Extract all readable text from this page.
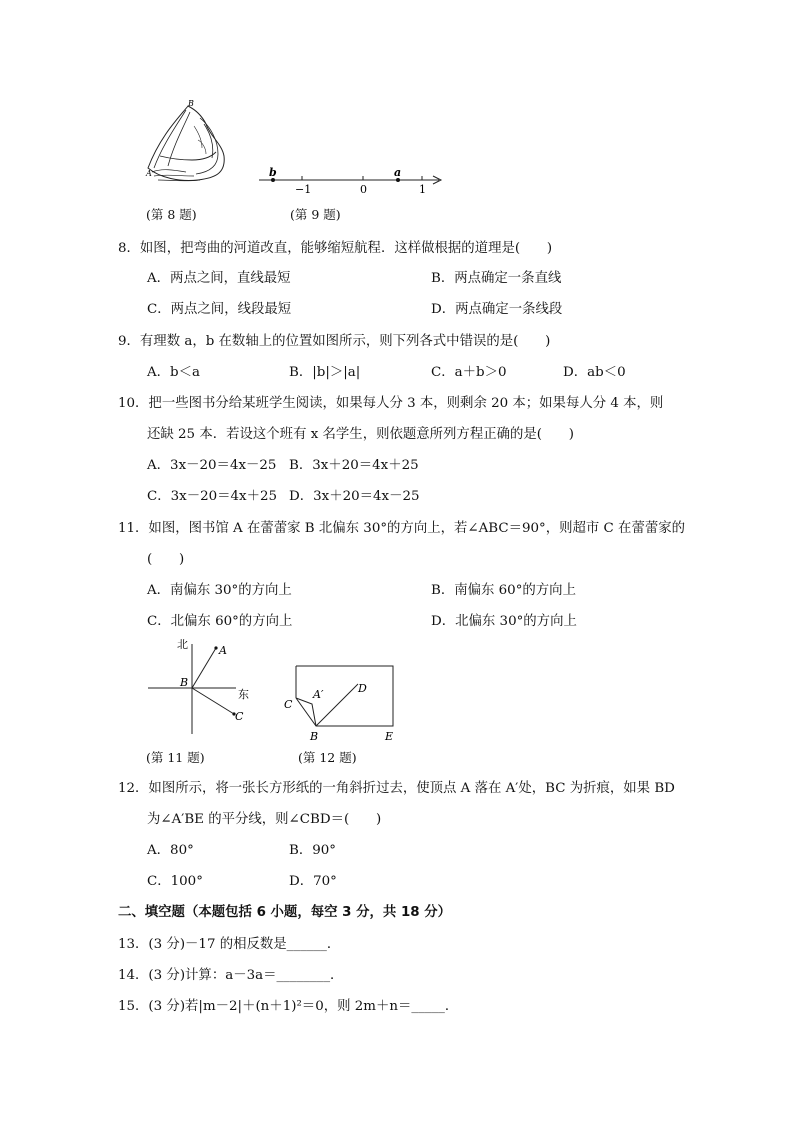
B
A
(第 8 题)
b	a
−1	0	1
(第 9 题)
8．如图，把弯曲的河道改直，能够缩短航程．这样做根据的道理是(　　)
A．两点之间，直线最短	B．两点确定一条直线
C．两点之间，线段最短	D．两点确定一条线段
9．有理数 a，b 在数轴上的位置如图所示，则下列各式中错误的是(　　)
A．b＜a	B．|b|＞|a|	C．a＋b＞0	D．ab＜0
10．把一些图书分给某班学生阅读，如果每人分 3 本，则剩余 20 本；如果每人分 4 本，则
还缺 25 本．若设这个班有 x 名学生，则依题意所列方程正确的是(　　)
A．3x－20＝4x－25 B．3x＋20＝4x＋25
C．3x－20＝4x＋25 D．3x＋20＝4x－25
11．如图，图书馆 A 在蕾蕾家 B 北偏东 30°的方向上，若∠ABC＝90°，则超市 C 在蕾蕾家的
(　　)
A．南偏东 30°的方向上	B．南偏东 60°的方向上
C．北偏东 60°的方向上	D．北偏东 30°的方向上
北
东
A
B
C
(第 11 题)
C
A′	D
B	E
(第 12 题)
12．如图所示，将一张长方形纸的一角斜折过去，使顶点 A 落在 A′处，BC 为折痕，如果 BD
为∠A′BE 的平分线，则∠CBD＝(　　)
A．80°	B．90°
C．100°	D．70°
二、填空题（本题包括 6 小题，每空 3 分，共 18 分）
13．(3 分)－17 的相反数是______．
14．(3 分)计算：a－3a＝________．
15．(3 分)若|m－2|＋(n＋1)²＝0，则 2m＋n＝_____．
